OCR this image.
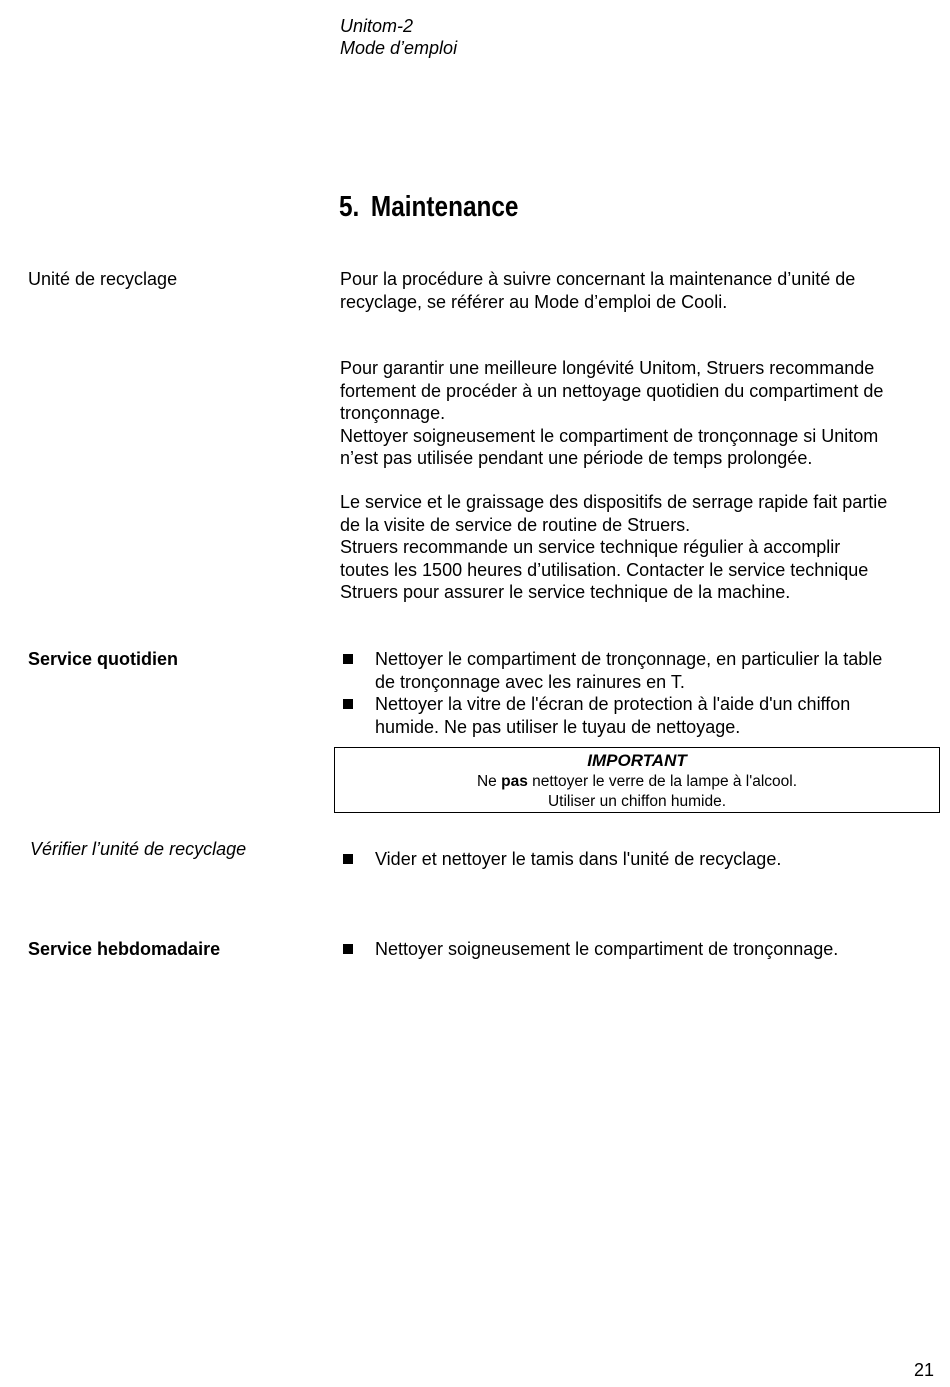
Unitom-2
Mode d’emploi
5. Maintenance
Unité de recyclage	Pour la procédure à suivre concernant la maintenance d’unité de
recyclage, se référer au Mode d’emploi de Cooli.
Pour garantir une meilleure longévité Unitom, Struers recommande
fortement de procéder à un nettoyage quotidien du compartiment de
tronçonnage.
Nettoyer soigneusement le compartiment de tronçonnage si Unitom
n’est pas utilisée pendant une période de temps prolongée.
Le service et le graissage des dispositifs de serrage rapide fait partie
de la visite de service de routine de Struers.
Struers recommande un service technique régulier à accomplir
toutes les 1500 heures d’utilisation. Contacter le service technique
Struers pour assurer le service technique de la machine.
Service quotidien	Nettoyer le compartiment de tronçonnage, en particulier la table
de tronçonnage avec les rainures en T.
Nettoyer la vitre de l'écran de protection à l'aide d'un chiffon
humide. Ne pas utiliser le tuyau de nettoyage.
IMPORTANT
Ne pas nettoyer le verre de la lampe à l'alcool.
Utiliser un chiffon humide.
Vérifier l’unité de recyclage	Vider et nettoyer le tamis dans l'unité de recyclage.
Service hebdomadaire	Nettoyer soigneusement le compartiment de tronçonnage.
21
